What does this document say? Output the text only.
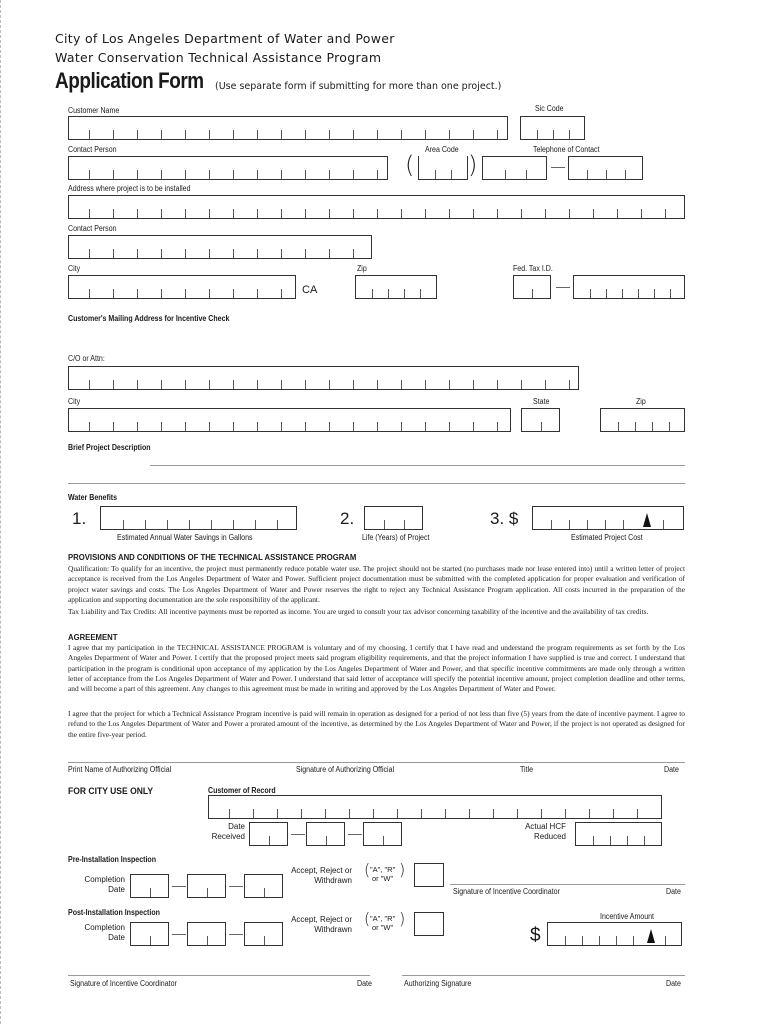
City of Los Angeles Department of Water and Power
Water Conservation Technical Assistance Program
Application Form (Use separate form if submitting for more than one project.)
Customer Name	Sic Code
Contact Person	Area Code	Telephone of Contact
( )
Address where project is to be installed
Contact Person
City	Zip	Fed. Tax I.D.
CA
Customer's Mailing Address for Incentive Check
C/O or Attn:
City	State	Zip
Brief Project Description
Water Benefits
1.
Estimated Annual Water Savings in Gallons
2.
Life (Years) of Project
3. $
Estimated Project Cost
PROVISIONS AND CONDITIONS OF THE TECHNICAL ASSISTANCE PROGRAM
Qualification: To qualify for an incentive, the project must permanently reduce potable water use. The project should not be started (no purchases made nor lease entered into) until a written letter of project acceptance is received from the Los Angeles Department of Water and Power. Sufficient project documentation must be submitted with the completed application for proper evaluation and verification of project water savings and costs. The Los Angeles Department of Water and Power reserves the right to reject any Technical Assistance Program application. All costs incurred in the preparation of the application and supporting documentation are the sole responsibility of the applicant.
Tax Liability and Tax Credits: All incentive payments must be reported as income. You are urged to consult your tax advisor concerning taxability of the incentive and the availability of tax credits.
AGREEMENT
I agree that my participation in the TECHNICAL ASSISTANCE PROGRAM is voluntary and of my choosing. I certify that I have read and understand the program requirements as set forth by the Los Angeles Department of Water and Power. I certify that the proposed project meets said program eligibility requirements, and that the project information I have supplied is true and correct. I understand that participation in the program is conditional upon acceptance of my application by the Los Angeles Department of Water and Power, and that specific incentive commitments are made only through a written letter of acceptance from the Los Angeles Department of Water and Power. I understand that said letter of acceptance will specify the potential incentive amount, project completion deadline and other terms, and will become a part of this agreement. Any changes to this agreement must be made in writing and approved by the Los Angeles Department of Water and Power.
I agree that the project for which a Technical Assistance Program incentive is paid will remain in operation as designed for a period of not less than five (5) years from the date of incentive payment. I agree to refund to the Los Angeles Department of Water and Power a prorated amount of the incentive, as determined by the Los Angeles Department of Water and Power, if the project is not operated as designed for the entire five-year period.
Print Name of Authorizing Official	Signature of Authorizing Official	Title	Date
FOR CITY USE ONLY	Customer of Record
Date
Received
Actual HCF
Reduced
Pre-Installation Inspection
Completion
Date
Accept, Reject or
Withdrawn
( "A", "R"
or "W" )
Signature of Incentive Coordinator	Date
Post-Installation Inspection
Completion
Date
Accept, Reject or
Withdrawn
( "A", "R"
or "W" )	Incentive Amount
$
Signature of Incentive Coordinator	Date	Authorizing Signature	Date
